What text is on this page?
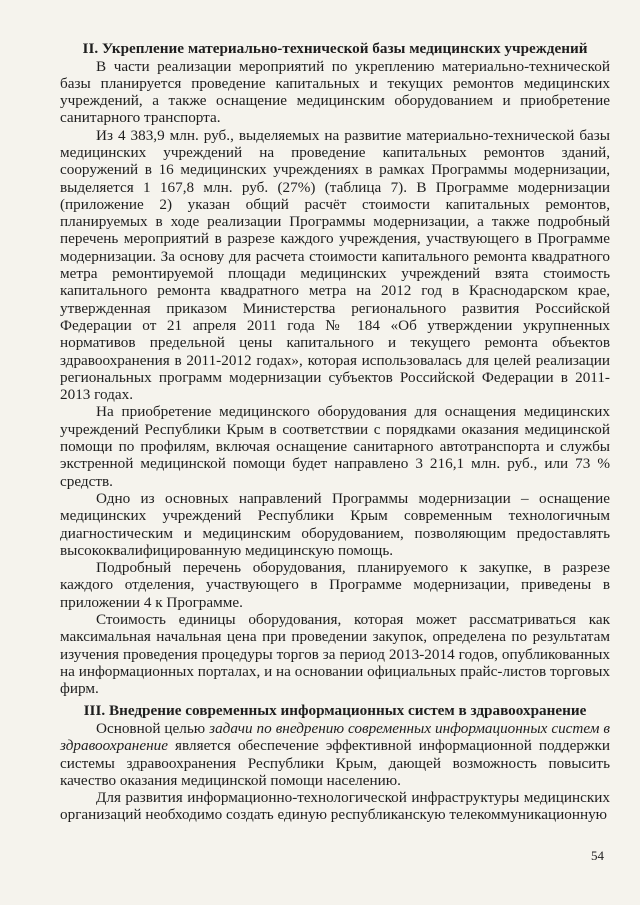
II. Укрепление материально-технической базы медицинских учреждений

В части реализации мероприятий по укреплению материально-технической базы планируется проведение капитальных и текущих ремонтов медицинских учреждений, а также оснащение медицинским оборудованием и приобретение санитарного транспорта.

Из 4 383,9 млн. руб., выделяемых на развитие материально-технической базы медицинских учреждений на проведение капитальных ремонтов зданий, сооружений в 16 медицинских учреждениях в рамках Программы модернизации, выделяется 1 167,8 млн. руб. (27%) (таблица 7). В Программе модернизации (приложение 2) указан общий расчёт стоимости капитальных ремонтов, планируемых в ходе реализации Программы модернизации, а также подробный перечень мероприятий в разрезе каждого учреждения, участвующего в Программе модернизации. За основу для расчета стоимости капитального ремонта квадратного метра ремонтируемой площади медицинских учреждений взята стоимость капитального ремонта квадратного метра на 2012 год в Краснодарском крае, утвержденная приказом Министерства регионального развития Российской Федерации от 21 апреля 2011 года № 184 «Об утверждении укрупненных нормативов предельной цены капитального и текущего ремонта объектов здравоохранения в 2011-2012 годах», которая использовалась для целей реализации региональных программ модернизации субъектов Российской Федерации в 2011-2013 годах.

На приобретение медицинского оборудования для оснащения медицинских учреждений Республики Крым в соответствии с порядками оказания медицинской помощи по профилям, включая оснащение санитарного автотранспорта и службы экстренной медицинской помощи будет направлено 3 216,1 млн. руб., или 73 % средств.

Одно из основных направлений Программы модернизации – оснащение медицинских учреждений Республики Крым современным технологичным диагностическим и медицинским оборудованием, позволяющим предоставлять высококвалифицированную медицинскую помощь.

Подробный перечень оборудования, планируемого к закупке, в разрезе каждого отделения, участвующего в Программе модернизации, приведены в приложении 4 к Программе.

Стоимость единицы оборудования, которая может рассматриваться как максимальная начальная цена при проведении закупок, определена по результатам изучения проведения процедуры торгов за период 2013-2014 годов, опубликованных на информационных порталах, и на основании официальных прайс-листов торговых фирм.

III. Внедрение современных информационных систем в здравоохранение

Основной целью задачи по внедрению современных информационных систем в здравоохранение является обеспечение эффективной информационной поддержки системы здравоохранения Республики Крым, дающей возможность повысить качество оказания медицинской помощи населению.

Для развития информационно-технологической инфраструктуры медицинских организаций необходимо создать единую республиканскую телекоммуникационную

54
